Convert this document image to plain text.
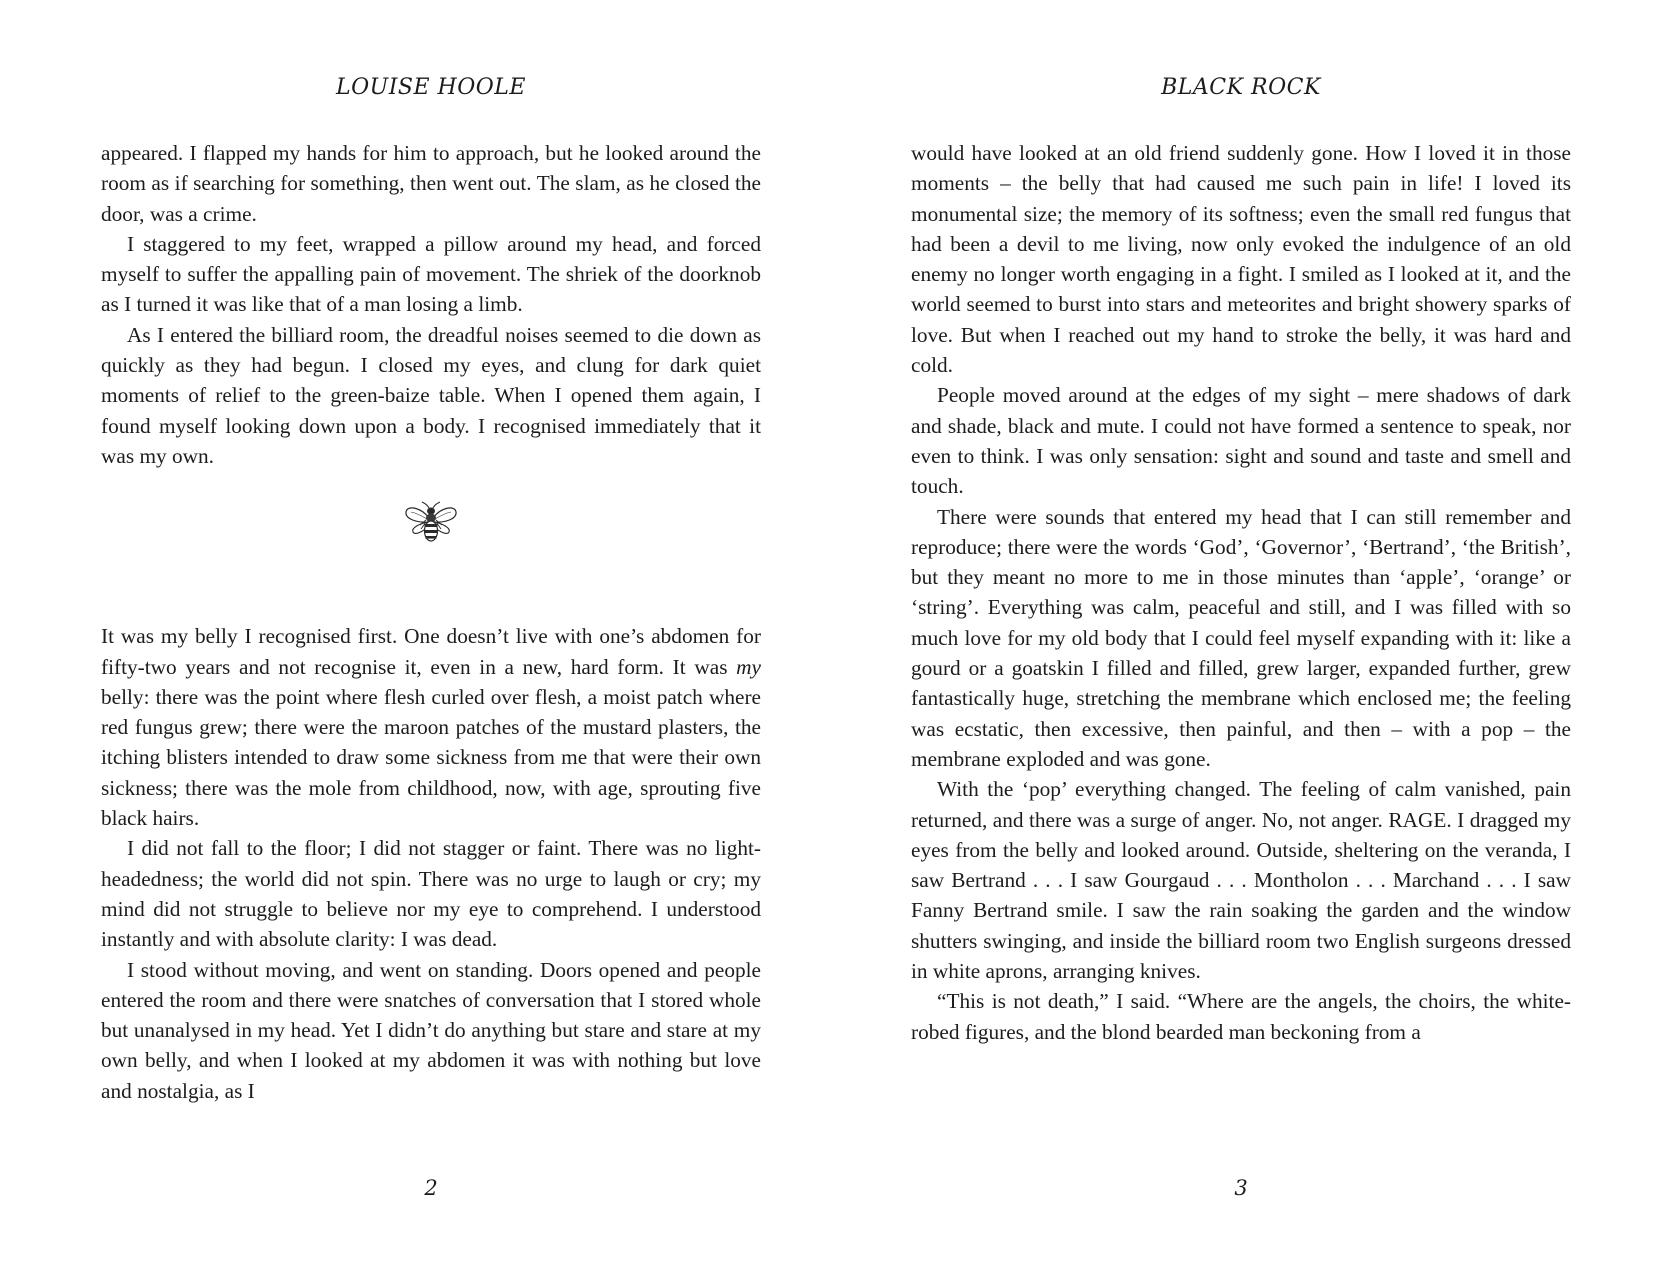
LOUISE HOOLE

appeared. I flapped my hands for him to approach, but he looked around the room as if searching for something, then went out. The slam, as he closed the door, was a crime.

I staggered to my feet, wrapped a pillow around my head, and forced myself to suffer the appalling pain of movement. The shriek of the doorknob as I turned it was like that of a man losing a limb.

As I entered the billiard room, the dreadful noises seemed to die down as quickly as they had begun. I closed my eyes, and clung for dark quiet moments of relief to the green-baize table. When I opened them again, I found myself looking down upon a body. I recognised immediately that it was my own.

It was my belly I recognised first. One doesn’t live with one’s abdomen for fifty-two years and not recognise it, even in a new, hard form. It was my belly: there was the point where flesh curled over flesh, a moist patch where red fungus grew; there were the maroon patches of the mustard plasters, the itching blisters intended to draw some sickness from me that were their own sickness; there was the mole from childhood, now, with age, sprouting five black hairs.

I did not fall to the floor; I did not stagger or faint. There was no light-headedness; the world did not spin. There was no urge to laugh or cry; my mind did not struggle to believe nor my eye to comprehend. I understood instantly and with absolute clarity: I was dead.

I stood without moving, and went on standing. Doors opened and people entered the room and there were snatches of conversation that I stored whole but unanalysed in my head. Yet I didn’t do anything but stare and stare at my own belly, and when I looked at my abdomen it was with nothing but love and nostalgia, as I

2
BLACK ROCK

would have looked at an old friend suddenly gone. How I loved it in those moments – the belly that had caused me such pain in life! I loved its monumental size; the memory of its softness; even the small red fungus that had been a devil to me living, now only evoked the indulgence of an old enemy no longer worth engaging in a fight. I smiled as I looked at it, and the world seemed to burst into stars and meteorites and bright showery sparks of love. But when I reached out my hand to stroke the belly, it was hard and cold.

People moved around at the edges of my sight – mere shadows of dark and shade, black and mute. I could not have formed a sentence to speak, nor even to think. I was only sensation: sight and sound and taste and smell and touch.

There were sounds that entered my head that I can still remember and reproduce; there were the words ‘God’, ‘Governor’, ‘Bertrand’, ‘the British’, but they meant no more to me in those minutes than ‘apple’, ‘orange’ or ‘string’. Everything was calm, peaceful and still, and I was filled with so much love for my old body that I could feel myself expanding with it: like a gourd or a goatskin I filled and filled, grew larger, expanded further, grew fantastically huge, stretching the membrane which enclosed me; the feeling was ecstatic, then excessive, then painful, and then – with a pop – the membrane exploded and was gone.

With the ‘pop’ everything changed. The feeling of calm vanished, pain returned, and there was a surge of anger. No, not anger. RAGE. I dragged my eyes from the belly and looked around. Outside, sheltering on the veranda, I saw Bertrand . . . I saw Gourgaud . . . Montholon . . . Marchand . . . I saw Fanny Bertrand smile. I saw the rain soaking the garden and the window shutters swinging, and inside the billiard room two English surgeons dressed in white aprons, arranging knives.

“This is not death,” I said. “Where are the angels, the choirs, the white-robed figures, and the blond bearded man beckoning from a

3
